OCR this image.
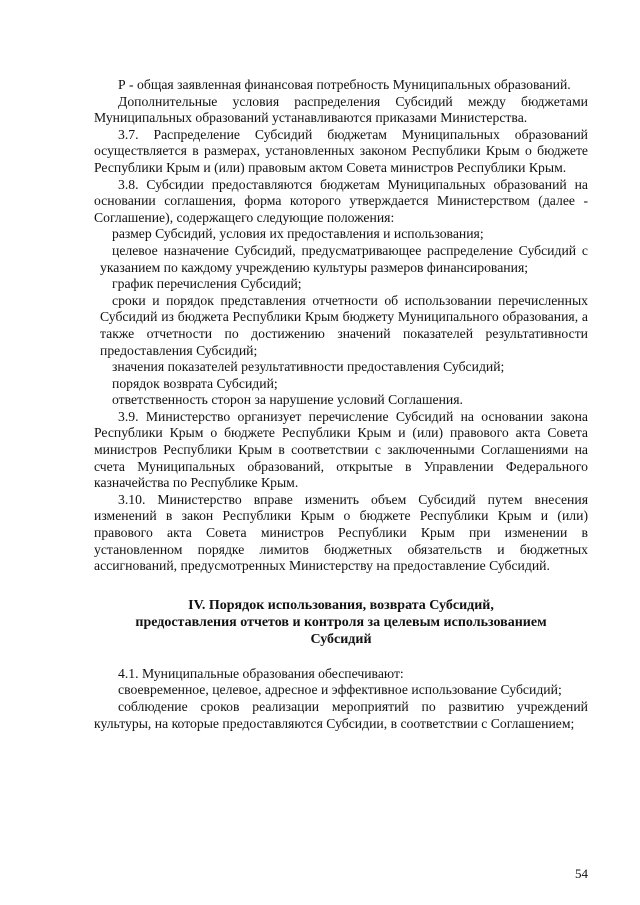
Р - общая заявленная финансовая потребность Муниципальных образований.

Дополнительные условия распределения Субсидий между бюджетами Муниципальных образований устанавливаются приказами Министерства.

3.7. Распределение Субсидий бюджетам Муниципальных образований осуществляется в размерах, установленных законом Республики Крым о бюджете Республики Крым и (или) правовым актом Совета министров Республики Крым.

3.8. Субсидии предоставляются бюджетам Муниципальных образований на основании соглашения, форма которого утверждается Министерством (далее - Соглашение), содержащего следующие положения:

размер Субсидий, условия их предоставления и использования;

целевое назначение Субсидий, предусматривающее распределение Субсидий с указанием по каждому учреждению культуры размеров финансирования;

график перечисления Субсидий;

сроки и порядок представления отчетности об использовании перечисленных Субсидий из бюджета Республики Крым бюджету Муниципального образования, а также отчетности по достижению значений показателей результативности предоставления Субсидий;

значения показателей результативности предоставления Субсидий;

порядок возврата Субсидий;

ответственность сторон за нарушение условий Соглашения.

3.9. Министерство организует перечисление Субсидий на основании закона Республики Крым о бюджете Республики Крым и (или) правового акта Совета министров Республики Крым в соответствии с заключенными Соглашениями на счета Муниципальных образований, открытые в Управлении Федерального казначейства по Республике Крым.

3.10. Министерство вправе изменить объем Субсидий путем внесения изменений в закон Республики Крым о бюджете Республики Крым и (или) правового акта Совета министров Республики Крым при изменении в установленном порядке лимитов бюджетных обязательств и бюджетных ассигнований, предусмотренных Министерству на предоставление Субсидий.

IV. Порядок использования, возврата Субсидий,
предоставления отчетов и контроля за целевым использованием
Субсидий

4.1. Муниципальные образования обеспечивают:

своевременное, целевое, адресное и эффективное использование Субсидий;

соблюдение сроков реализации мероприятий по развитию учреждений культуры, на которые предоставляются Субсидии, в соответствии с Соглашением;

54
